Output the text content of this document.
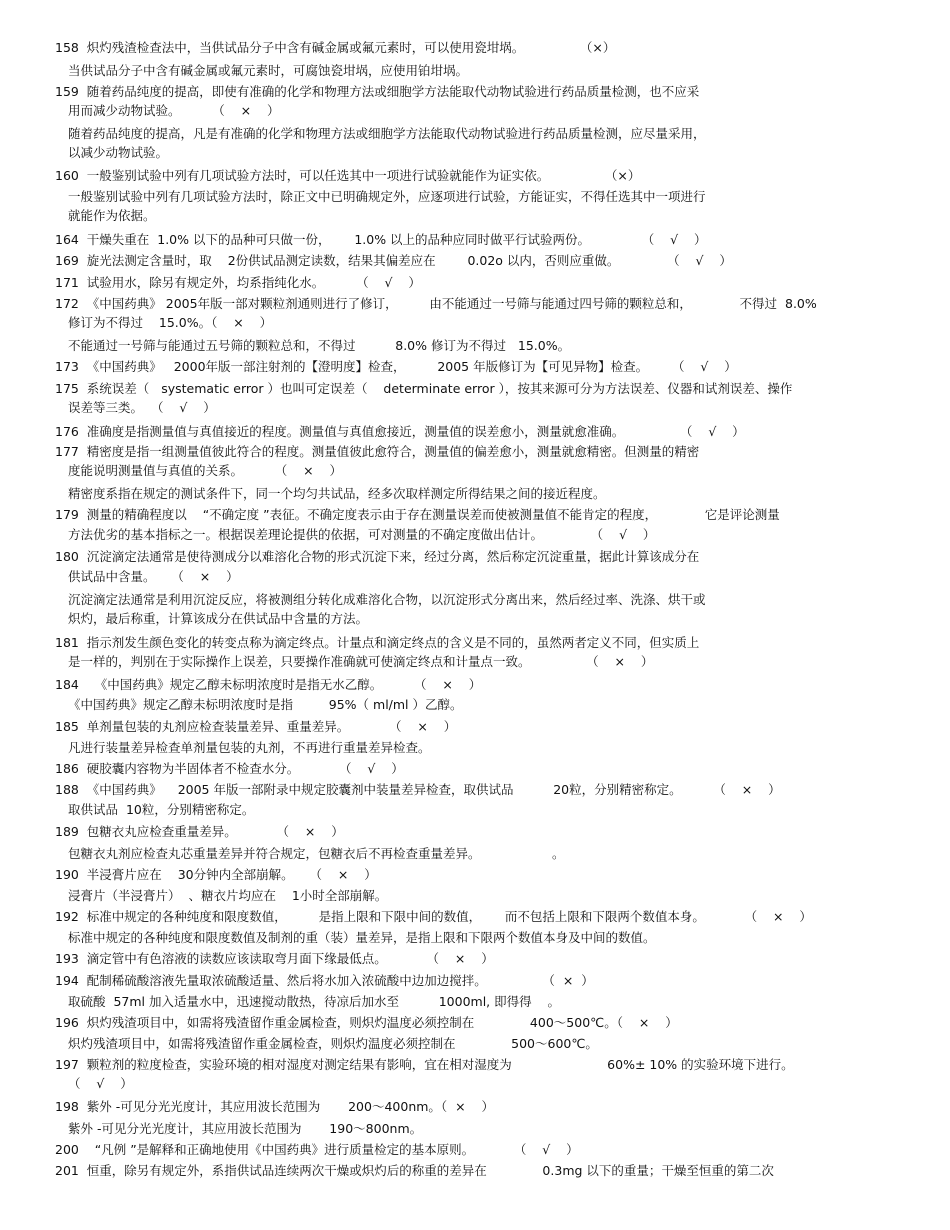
158  炽灼残渣检查法中，当供试品分子中含有碱金属或氟元素时，可以使用瓷坩埚。              （×）
当供试品分子中含有碱金属或氟元素时，可腐蚀瓷坩埚，应使用铂坩埚。
159  随着药品纯度的提高，即使有准确的化学和物理方法或细胞学方法能取代动物试验进行药品质量检测，也不应采
用而减少动物试验。        （    ×    ）
随着药品纯度的提高，凡是有准确的化学和物理方法或细胞学方法能取代动物试验进行药品质量检测，应尽量采用，
以减少动物试验。
160  一般鉴别试验中列有几项试验方法时，可以任选其中一项进行试验就能作为证实依。              （×）
一般鉴别试验中列有几项试验方法时，除正文中已明确规定外，应逐项进行试验，方能证实，不得任选其中一项进行
就能作为依据。
164  干燥失重在  1.0% 以下的品种可只做一份，      1.0% 以上的品种应同时做平行试验两份。             （    √    ）
169  旋光法测定含量时，取    2份供试品测定读数，结果其偏差应在        0.02o 以内，否则应重做。            （    √    ）
171  试验用水，除另有规定外，均系指纯化水。        （    √    ）
172  《中国药典》 2005年版一部对颗粒剂通则进行了修订，        由不能通过一号筛与能通过四号筛的颗粒总和，            不得过  8.0%
修订为不得过    15.0%。（    ×    ）
不能通过一号筛与能通过五号筛的颗粒总和，不得过          8.0% 修订为不得过   15.0%。
173  《中国药典》   2000年版一部注射剂的【澄明度】检查，        2005 年版修订为【可见异物】检查。      （    √    ）
175  系统误差（   systematic error ）也叫可定误差（    determinate error ），按其来源可分为方法误差、仪器和试剂误差、操作
误差等三类。  （    √    ）
176  准确度是指测量值与真值接近的程度。测量值与真值愈接近，测量值的误差愈小，测量就愈准确。              （    √    ）
177  精密度是指一组测量值彼此符合的程度。测量值彼此愈符合，测量值的偏差愈小，测量就愈精密。但测量的精密
度能说明测量值与真值的关系。        （    ×    ）
精密度系指在规定的测试条件下，同一个均匀共试品，经多次取样测定所得结果之间的接近程度。
179  测量的精确程度以    “不确定度 ”表征。不确定度表示由于存在测量误差而使被测量值不能肯定的程度，            它是评论测量
方法优劣的基本指标之一。根据误差理论提供的依据，可对测量的不确定度做出估计。            （    √    ）
180  沉淀滴定法通常是使待测成分以难溶化合物的形式沉淀下来，经过分离，然后称定沉淀重量，据此计算该成分在
供试品中含量。    （    ×    ）
沉淀滴定法通常是利用沉淀反应，将被测组分转化成难溶化合物，以沉淀形式分离出来，然后经过率、洗涤、烘干或
炽灼，最后称重，计算该成分在供试品中含量的方法。
181  指示剂发生颜色变化的转变点称为滴定终点。计量点和滴定终点的含义是不同的，虽然两者定义不同，但实质上
是一样的，判别在于实际操作上误差，只要操作准确就可使滴定终点和计量点一致。              （    ×    ）
184    《中国药典》规定乙醇未标明浓度时是指无水乙醇。        （    ×    ）
《中国药典》规定乙醇未标明浓度时是指         95%（ ml/ml ）乙醇。
185  单剂量包装的丸剂应检查装量差异、重量差异。          （    ×    ）
凡进行装量差异检查单剂量包装的丸剂，不再进行重量差异检查。
186  硬胶囊内容物为半固体者不检查水分。          （    √    ）
188  《中国药典》    2005 年版一部附录中规定胶囊剂中装量差异检查，取供试品          20粒，分别精密称定。        （    ×    ）
取供试品  10粒，分别精密称定。
189  包糖衣丸应检查重量差异。          （    ×    ）
包糖衣丸剂应检查丸芯重量差异并符合规定，包糖衣后不再检查重量差异。                  。
190  半浸膏片应在    30分钟内全部崩解。    （    ×    ）
浸膏片（半浸膏片）  、糖衣片均应在    1小时全部崩解。
192  标准中规定的各种纯度和限度数值，        是指上限和下限中间的数值，      而不包括上限和下限两个数值本身。          （    ×    ）
标准中规定的各种纯度和限度数值及制剂的重（装）量差异，是指上限和下限两个数值本身及中间的数值。
193  滴定管中有色溶液的读数应该读取弯月面下缘最低点。          （    ×    ）
194  配制稀硫酸溶液先量取浓硫酸适量、然后将水加入浓硫酸中边加边搅拌。              （  ×  ）
取硫酸  57ml 加入适量水中，迅速搅动散热，待凉后加水至          1000ml, 即得得    。
196  炽灼残渣项目中，如需将残渣留作重金属检查，则炽灼温度必须控制在              400～500℃。（    ×    ）
炽灼残渣项目中，如需将残渣留作重金属检查，则炽灼温度必须控制在              500～600℃。
197  颗粒剂的粒度检查，实验环境的相对湿度对测定结果有影响，宜在相对湿度为                        60%± 10% 的实验环境下进行。
（    √    ）
198  紫外 -可见分光光度计，其应用波长范围为       200～400nm。（  ×    ）
紫外 -可见分光光度计，其应用波长范围为       190～800nm。
200    “凡例 ”是解释和正确地使用《中国药典》进行质量检定的基本原则。          （    √    ）
201  恒重，除另有规定外，系指供试品连续两次干燥或炽灼后的称重的差异在              0.3mg 以下的重量；干燥至恒重的第二次
